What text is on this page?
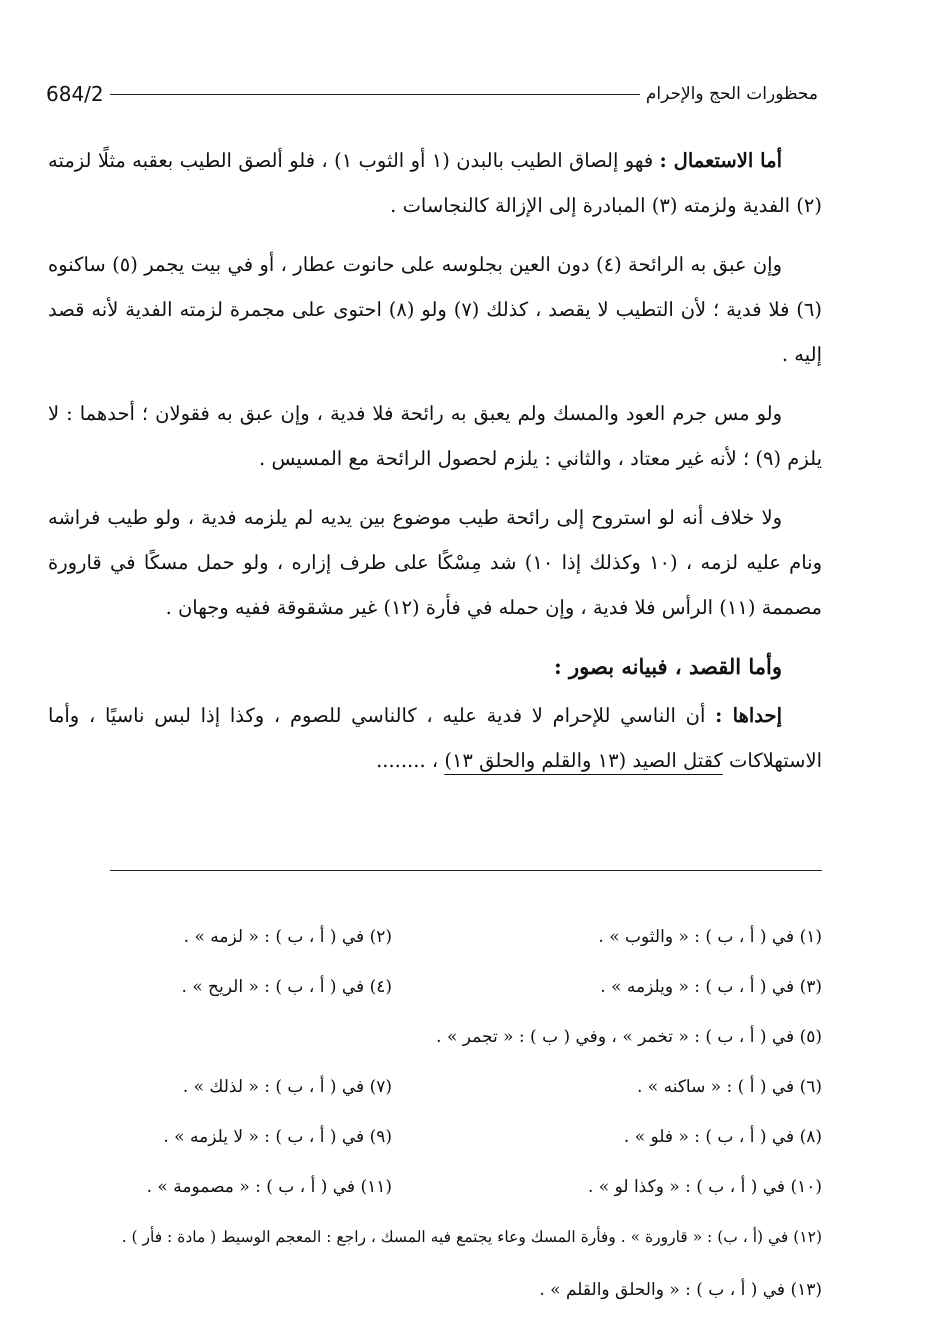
محظورات الحج والإحرام
684/2

أما الاستعمال : فهو إلصاق الطيب بالبدن (١ أو الثوب ١) ، فلو ألصق الطيب بعقبه مثلًا لزمته (٢) الفدية ولزمته (٣) المبادرة إلى الإزالة كالنجاسات .

وإن عبق به الرائحة (٤) دون العين بجلوسه على حانوت عطار ، أو في بيت يجمر (٥) ساكنوه (٦) فلا فدية ؛ لأن التطيب لا يقصد ، كذلك (٧) ولو (٨) احتوى على مجمرة لزمته الفدية لأنه قصد إليه .

ولو مس جرم العود والمسك ولم يعبق به رائحة فلا فدية ، وإن عبق به فقولان ؛ أحدهما : لا يلزم (٩) ؛ لأنه غير معتاد ، والثاني : يلزم لحصول الرائحة مع المسيس .

ولا خلاف أنه لو استروح إلى رائحة طيب موضوع بين يديه لم يلزمه فدية ، ولو طيب فراشه ونام عليه لزمه ، (١٠ وكذلك إذا ١٠) شد مِسْكًا على طرف إزاره ، ولو حمل مسكًا في قارورة مصممة (١١) الرأس فلا فدية ، وإن حمله في فأرة (١٢) غير مشقوقة ففيه وجهان .

وأما القصد ، فبيانه بصور :

إحداها : أن الناسي للإحرام لا فدية عليه ، كالناسي للصوم ، وكذا إذا لبس ناسيًا ، وأما الاستهلاكات كقتل الصيد (١٣ والقلم والحلق ١٣) ، ........

(١) في ( أ ، ب ) : « والثوب » .
(٢) في ( أ ، ب ) : « لزمه » .
(٣) في ( أ ، ب ) : « ويلزمه » .
(٤) في ( أ ، ب ) : « الريح » .
(٥) في ( أ ، ب ) : « تخمر » ، وفي ( ب ) : « تجمر » .
(٦) في ( أ ) : « ساكنه » .
(٧) في ( أ ، ب ) : « لذلك » .
(٨) في ( أ ، ب ) : « فلو » .
(٩) في ( أ ، ب ) : « لا يلزمه » .
(١٠) في ( أ ، ب ) : « وكذا لو » .
(١١) في ( أ ، ب ) : « مصمومة » .
(١٢) في (أ ، ب) : « قارورة » . وفأرة المسك وعاء يجتمع فيه المسك ، راجع : المعجم الوسيط ( مادة : فأر ) .
(١٣) في ( أ ، ب ) : « والحلق والقلم » .
